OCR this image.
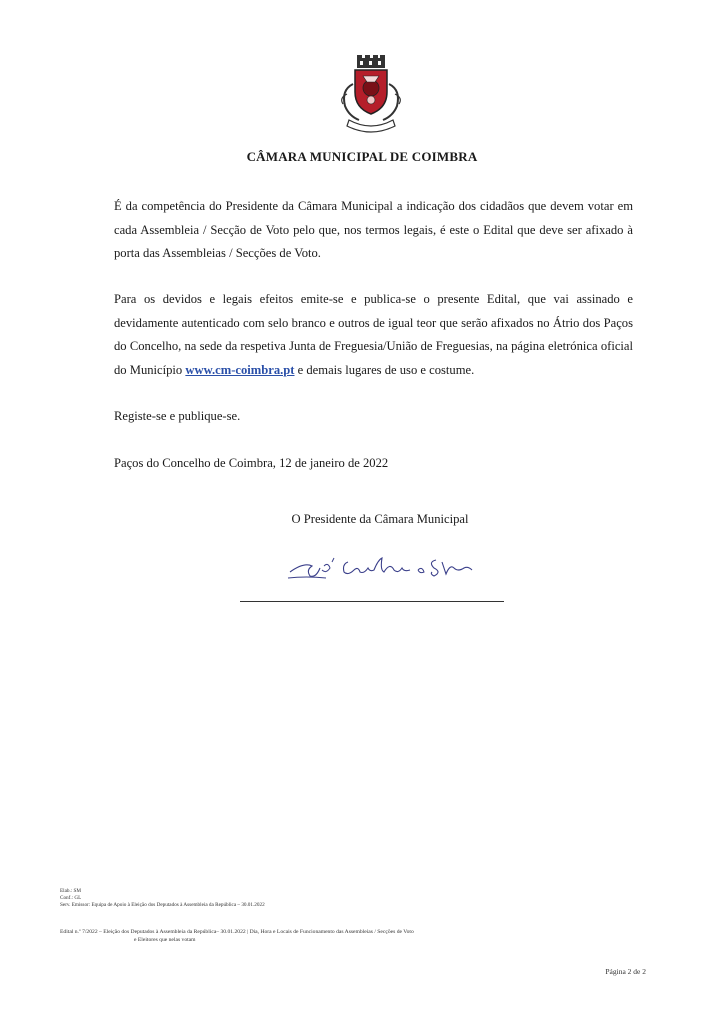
CÂMARA MUNICIPAL DE COIMBRA

É da competência do Presidente da Câmara Municipal a indicação dos cidadãos que devem votar em cada Assembleia / Secção de Voto pelo que, nos termos legais, é este o Edital que deve ser afixado à porta das Assembleias / Secções de Voto.

Para os devidos e legais efeitos emite-se e publica-se o presente Edital, que vai assinado e devidamente autenticado com selo branco e outros de igual teor que serão afixados no Átrio dos Paços do Concelho, na sede da respetiva Junta de Freguesia/União de Freguesias, na página eletrónica oficial do Município www.cm-coimbra.pt e demais lugares de uso e costume.

Registe-se e publique-se.

Paços do Concelho de Coimbra, 12 de janeiro de 2022

O Presidente da Câmara Municipal
Elab.: SM
Conf.: GL
Serv. Emissor: Equipa de Apoio à Eleição dos Deputados à Assembleia da República – 30.01.2022
Edital n.º 7/2022 – Eleição dos Deputados à Assembleia da República– 30.01.2022 | Dia, Hora e Locais de Funcionamento das Assembleias / Secções de Voto
e Eleitores que nelas votam
Página 2 de 2
